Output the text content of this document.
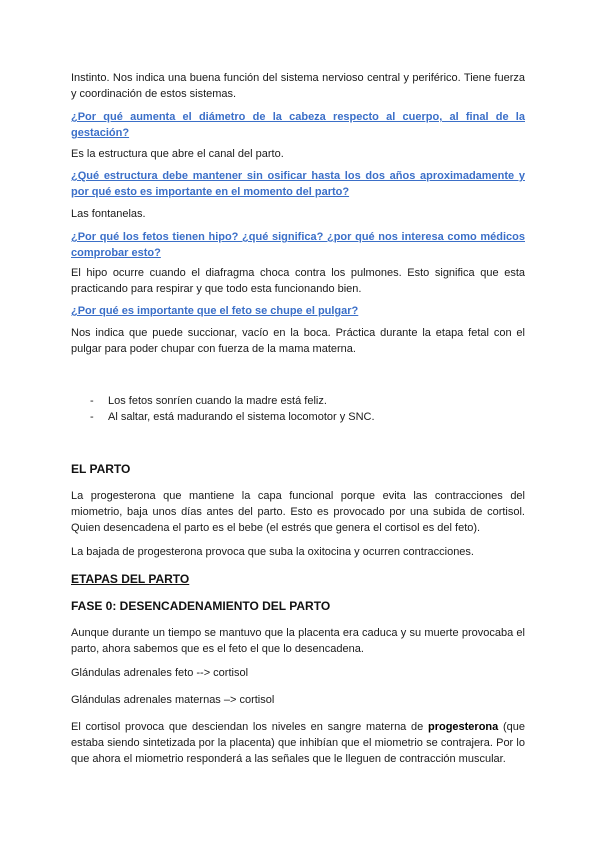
Instinto. Nos indica una buena función del sistema nervioso central y periférico. Tiene fuerza y coordinación de estos sistemas.

¿Por qué aumenta el diámetro de la cabeza respecto al cuerpo, al final de la gestación?

Es la estructura que abre el canal del parto.

¿Qué estructura debe mantener sin osificar hasta los dos años aproximadamente y por qué esto es importante en el momento del parto?

Las fontanelas.

¿Por qué los fetos tienen hipo? ¿qué significa? ¿por qué nos interesa como médicos comprobar esto?

El hipo ocurre cuando el diafragma choca contra los pulmones. Esto significa que esta practicando para respirar y que todo esta funcionando bien.

¿Por qué es importante que el feto se chupe el pulgar?

Nos indica que puede succionar, vacío en la boca. Práctica durante la etapa fetal con el pulgar para poder chupar con fuerza de la mama materna.

- Los fetos sonríen cuando la madre está feliz.
- Al saltar, está madurando el sistema locomotor y SNC.

EL PARTO

La progesterona que mantiene la capa funcional porque evita las contracciones del miometrio, baja unos días antes del parto. Esto es provocado por una subida de cortisol. Quien desencadena el parto es el bebe (el estrés que genera el cortisol es del feto).

La bajada de progesterona provoca que suba la oxitocina y ocurren contracciones.

ETAPAS DEL PARTO

FASE 0: DESENCADENAMIENTO DEL PARTO

Aunque durante un tiempo se mantuvo que la placenta era caduca y su muerte provocaba el parto, ahora sabemos que es el feto el que lo desencadena.

Glándulas adrenales feto --> cortisol

Glándulas adrenales maternas –> cortisol

El cortisol provoca que desciendan los niveles en sangre materna de progesterona (que estaba siendo sintetizada por la placenta) que inhibían que el miometrio se contrajera. Por lo que ahora el miometrio responderá a las señales que le lleguen de contracción muscular.
